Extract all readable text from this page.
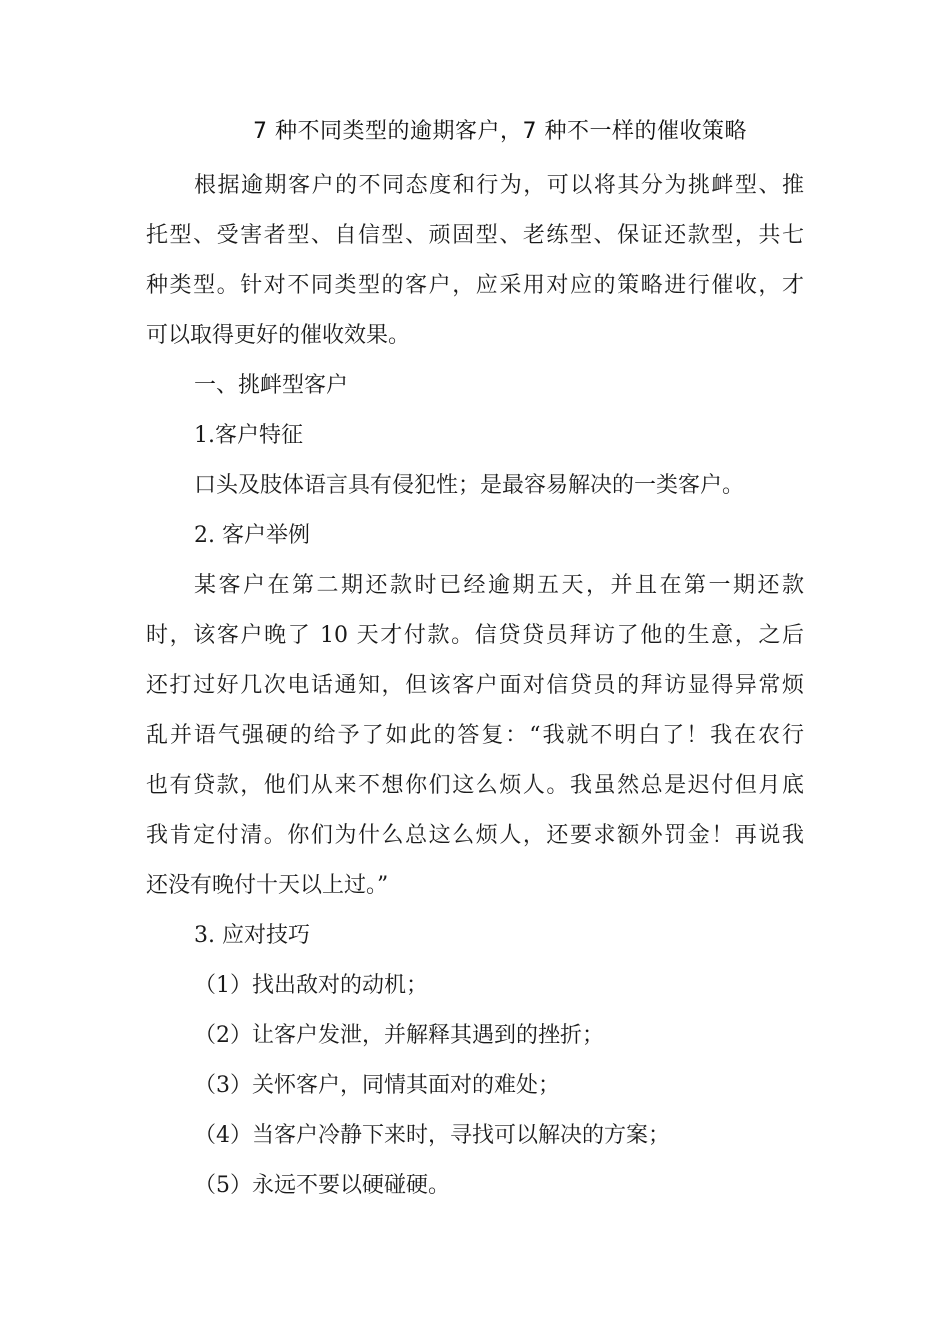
7 种不同类型的逾期客户，7 种不一样的催收策略
根据逾期客户的不同态度和行为，可以将其分为挑衅型、推
托型、受害者型、自信型、顽固型、老练型、保证还款型，共七
种类型。针对不同类型的客户，应采用对应的策略进行催收，才
可以取得更好的催收效果。
一、挑衅型客户
1.客户特征
口头及肢体语言具有侵犯性；是最容易解决的一类客户。
2. 客户举例
某客户在第二期还款时已经逾期五天，并且在第一期还款
时，该客户晚了 10 天才付款。信贷贷员拜访了他的生意，之后
还打过好几次电话通知，但该客户面对信贷员的拜访显得异常烦
乱并语气强硬的给予了如此的答复：“我就不明白了！我在农行
也有贷款，他们从来不想你们这么烦人。我虽然总是迟付但月底
我肯定付清。你们为什么总这么烦人，还要求额外罚金！再说我
还没有晚付十天以上过。”
3. 应对技巧
（1）找出敌对的动机；
（2）让客户发泄，并解释其遇到的挫折；
（3）关怀客户，同情其面对的难处；
（4）当客户冷静下来时，寻找可以解决的方案；
（5）永远不要以硬碰硬。
